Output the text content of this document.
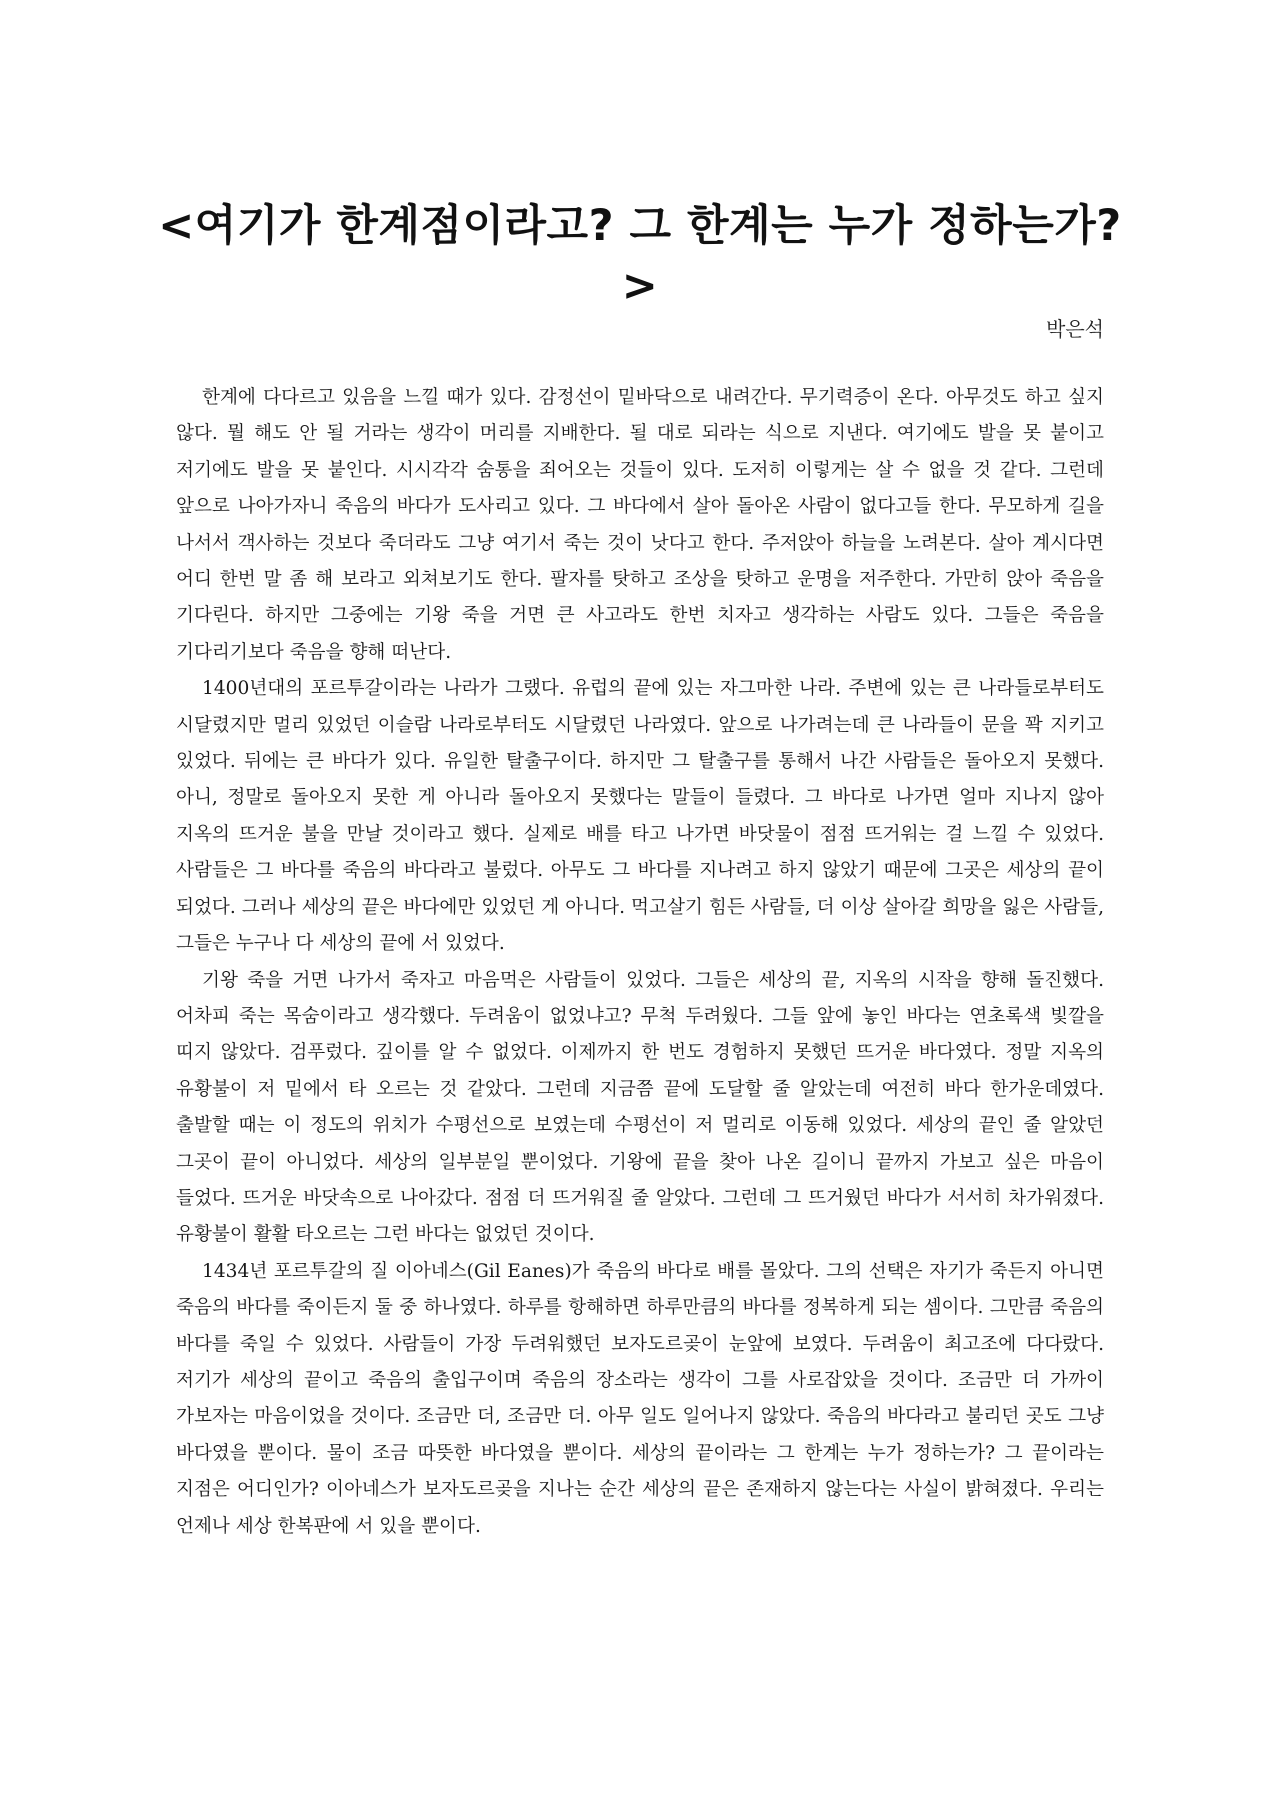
<여기가 한계점이라고? 그 한계는 누가 정하는가?>
박은석

한계에 다다르고 있음을 느낄 때가 있다. 감정선이 밑바닥으로 내려간다. 무기력증이 온다. 아무것도 하고 싶지 않다. 뭘 해도 안 될 거라는 생각이 머리를 지배한다. 될 대로 되라는 식으로 지낸다. 여기에도 발을 못 붙이고 저기에도 발을 못 붙인다. 시시각각 숨통을 죄어오는 것들이 있다. 도저히 이렇게는 살 수 없을 것 같다. 그런데 앞으로 나아가자니 죽음의 바다가 도사리고 있다. 그 바다에서 살아 돌아온 사람이 없다고들 한다. 무모하게 길을 나서서 객사하는 것보다 죽더라도 그냥 여기서 죽는 것이 낫다고 한다. 주저앉아 하늘을 노려본다. 살아 계시다면 어디 한번 말 좀 해 보라고 외쳐보기도 한다. 팔자를 탓하고 조상을 탓하고 운명을 저주한다. 가만히 앉아 죽음을 기다린다. 하지만 그중에는 기왕 죽을 거면 큰 사고라도 한번 치자고 생각하는 사람도 있다. 그들은 죽음을 기다리기보다 죽음을 향해 떠난다.

1400년대의 포르투갈이라는 나라가 그랬다. 유럽의 끝에 있는 자그마한 나라. 주변에 있는 큰 나라들로부터도 시달렸지만 멀리 있었던 이슬람 나라로부터도 시달렸던 나라였다. 앞으로 나가려는데 큰 나라들이 문을 꽉 지키고 있었다. 뒤에는 큰 바다가 있다. 유일한 탈출구이다. 하지만 그 탈출구를 통해서 나간 사람들은 돌아오지 못했다. 아니, 정말로 돌아오지 못한 게 아니라 돌아오지 못했다는 말들이 들렸다. 그 바다로 나가면 얼마 지나지 않아 지옥의 뜨거운 불을 만날 것이라고 했다. 실제로 배를 타고 나가면 바닷물이 점점 뜨거워는 걸 느낄 수 있었다. 사람들은 그 바다를 죽음의 바다라고 불렀다. 아무도 그 바다를 지나려고 하지 않았기 때문에 그곳은 세상의 끝이 되었다. 그러나 세상의 끝은 바다에만 있었던 게 아니다. 먹고살기 힘든 사람들, 더 이상 살아갈 희망을 잃은 사람들, 그들은 누구나 다 세상의 끝에 서 있었다.

기왕 죽을 거면 나가서 죽자고 마음먹은 사람들이 있었다. 그들은 세상의 끝, 지옥의 시작을 향해 돌진했다. 어차피 죽는 목숨이라고 생각했다. 두려움이 없었냐고? 무척 두려웠다. 그들 앞에 놓인 바다는 연초록색 빛깔을 띠지 않았다. 검푸렀다. 깊이를 알 수 없었다. 이제까지 한 번도 경험하지 못했던 뜨거운 바다였다. 정말 지옥의 유황불이 저 밑에서 타 오르는 것 같았다. 그런데 지금쯤 끝에 도달할 줄 알았는데 여전히 바다 한가운데였다. 출발할 때는 이 정도의 위치가 수평선으로 보였는데 수평선이 저 멀리로 이동해 있었다. 세상의 끝인 줄 알았던 그곳이 끝이 아니었다. 세상의 일부분일 뿐이었다. 기왕에 끝을 찾아 나온 길이니 끝까지 가보고 싶은 마음이 들었다. 뜨거운 바닷속으로 나아갔다. 점점 더 뜨거워질 줄 알았다. 그런데 그 뜨거웠던 바다가 서서히 차가워졌다. 유황불이 활활 타오르는 그런 바다는 없었던 것이다.

1434년 포르투갈의 질 이아네스(Gil Eanes)가 죽음의 바다로 배를 몰았다. 그의 선택은 자기가 죽든지 아니면 죽음의 바다를 죽이든지 둘 중 하나였다. 하루를 항해하면 하루만큼의 바다를 정복하게 되는 셈이다. 그만큼 죽음의 바다를 죽일 수 있었다. 사람들이 가장 두려워했던 보자도르곶이 눈앞에 보였다. 두려움이 최고조에 다다랐다. 저기가 세상의 끝이고 죽음의 출입구이며 죽음의 장소라는 생각이 그를 사로잡았을 것이다. 조금만 더 가까이 가보자는 마음이었을 것이다. 조금만 더, 조금만 더. 아무 일도 일어나지 않았다. 죽음의 바다라고 불리던 곳도 그냥 바다였을 뿐이다. 물이 조금 따뜻한 바다였을 뿐이다. 세상의 끝이라는 그 한계는 누가 정하는가? 그 끝이라는 지점은 어디인가? 이아네스가 보자도르곶을 지나는 순간 세상의 끝은 존재하지 않는다는 사실이 밝혀졌다. 우리는 언제나 세상 한복판에 서 있을 뿐이다.
